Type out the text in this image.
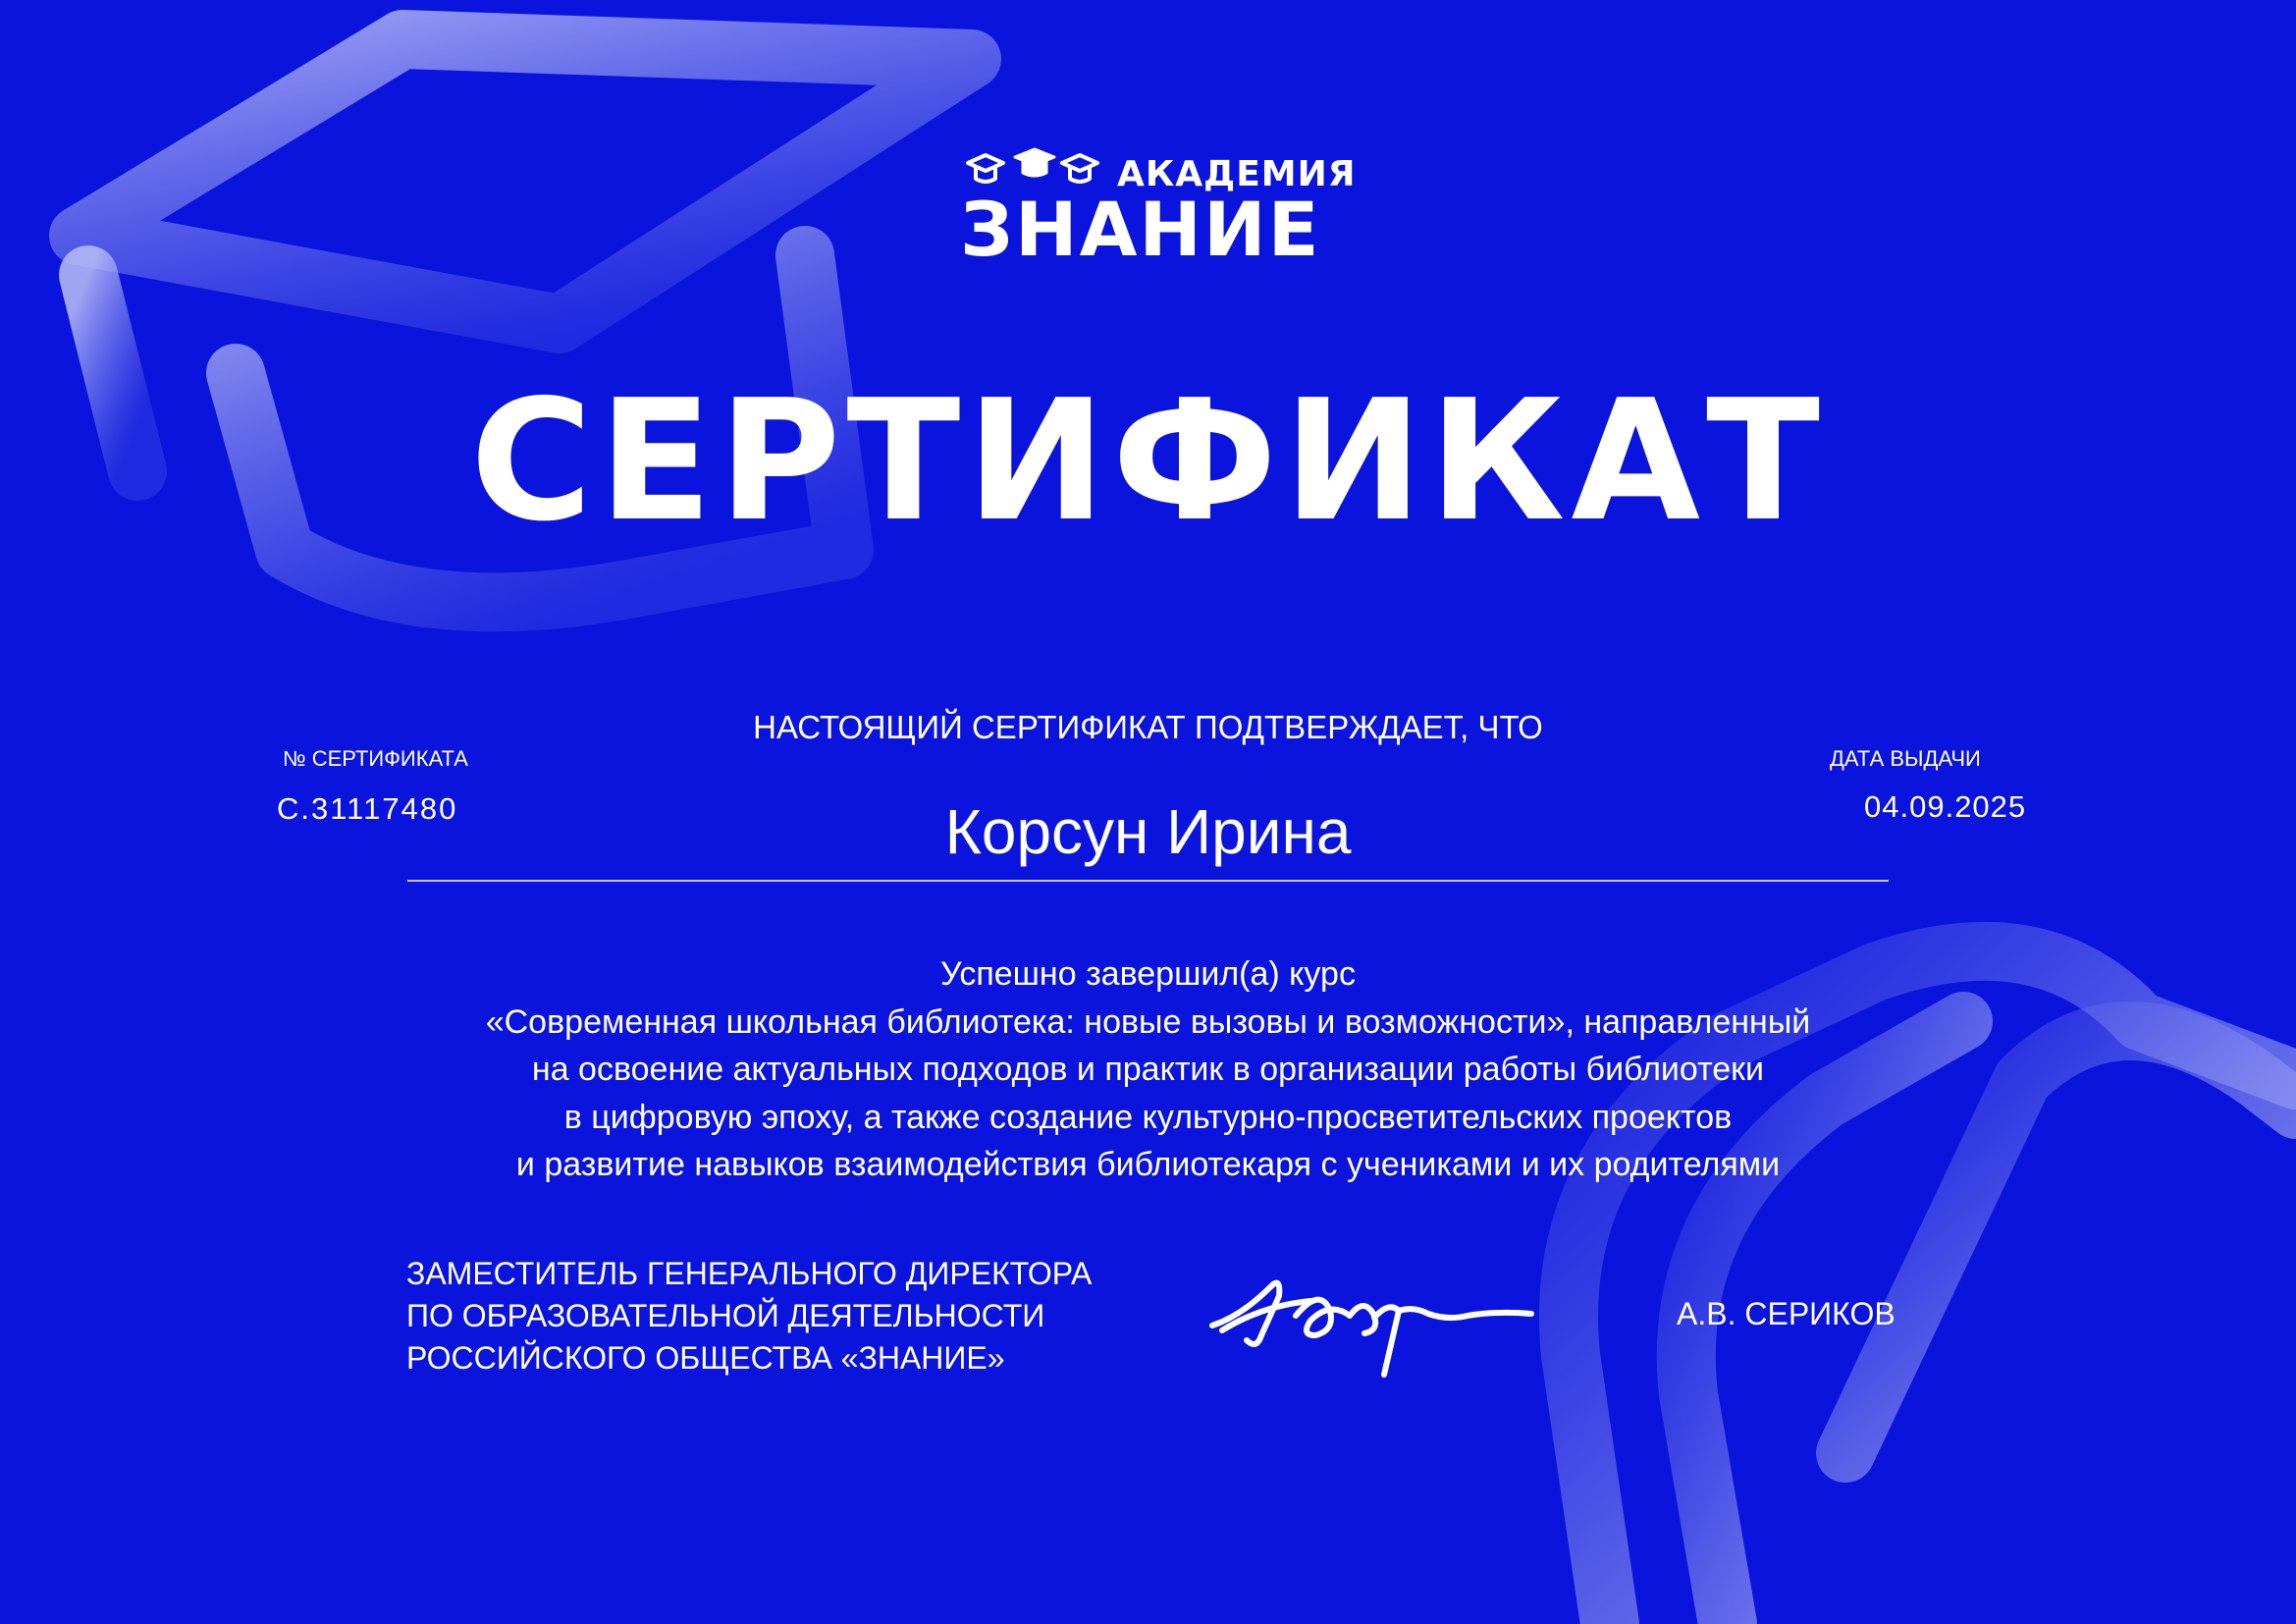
АКАДЕМИЯ
ЗНАНИЕ
СЕРТИФИКАТ
НАСТОЯЩИЙ СЕРТИФИКАТ ПОДТВЕРЖДАЕТ, ЧТО
№ СЕРТИФИКАТА
С.31117480
ДАТА ВЫДАЧИ
04.09.2025
Корсун Ирина
Успешно завершил(а) курс
«Современная школьная библиотека: новые вызовы и возможности», направленный
на освоение актуальных подходов и практик в организации работы библиотеки
в цифровую эпоху, а также создание культурно-просветительских проектов
и развитие навыков взаимодействия библиотекаря с учениками и их родителями
ЗАМЕСТИТЕЛЬ ГЕНЕРАЛЬНОГО ДИРЕКТОРА
ПО ОБРАЗОВАТЕЛЬНОЙ ДЕЯТЕЛЬНОСТИ
РОССИЙСКОГО ОБЩЕСТВА «ЗНАНИЕ»
А.В. СЕРИКОВ
